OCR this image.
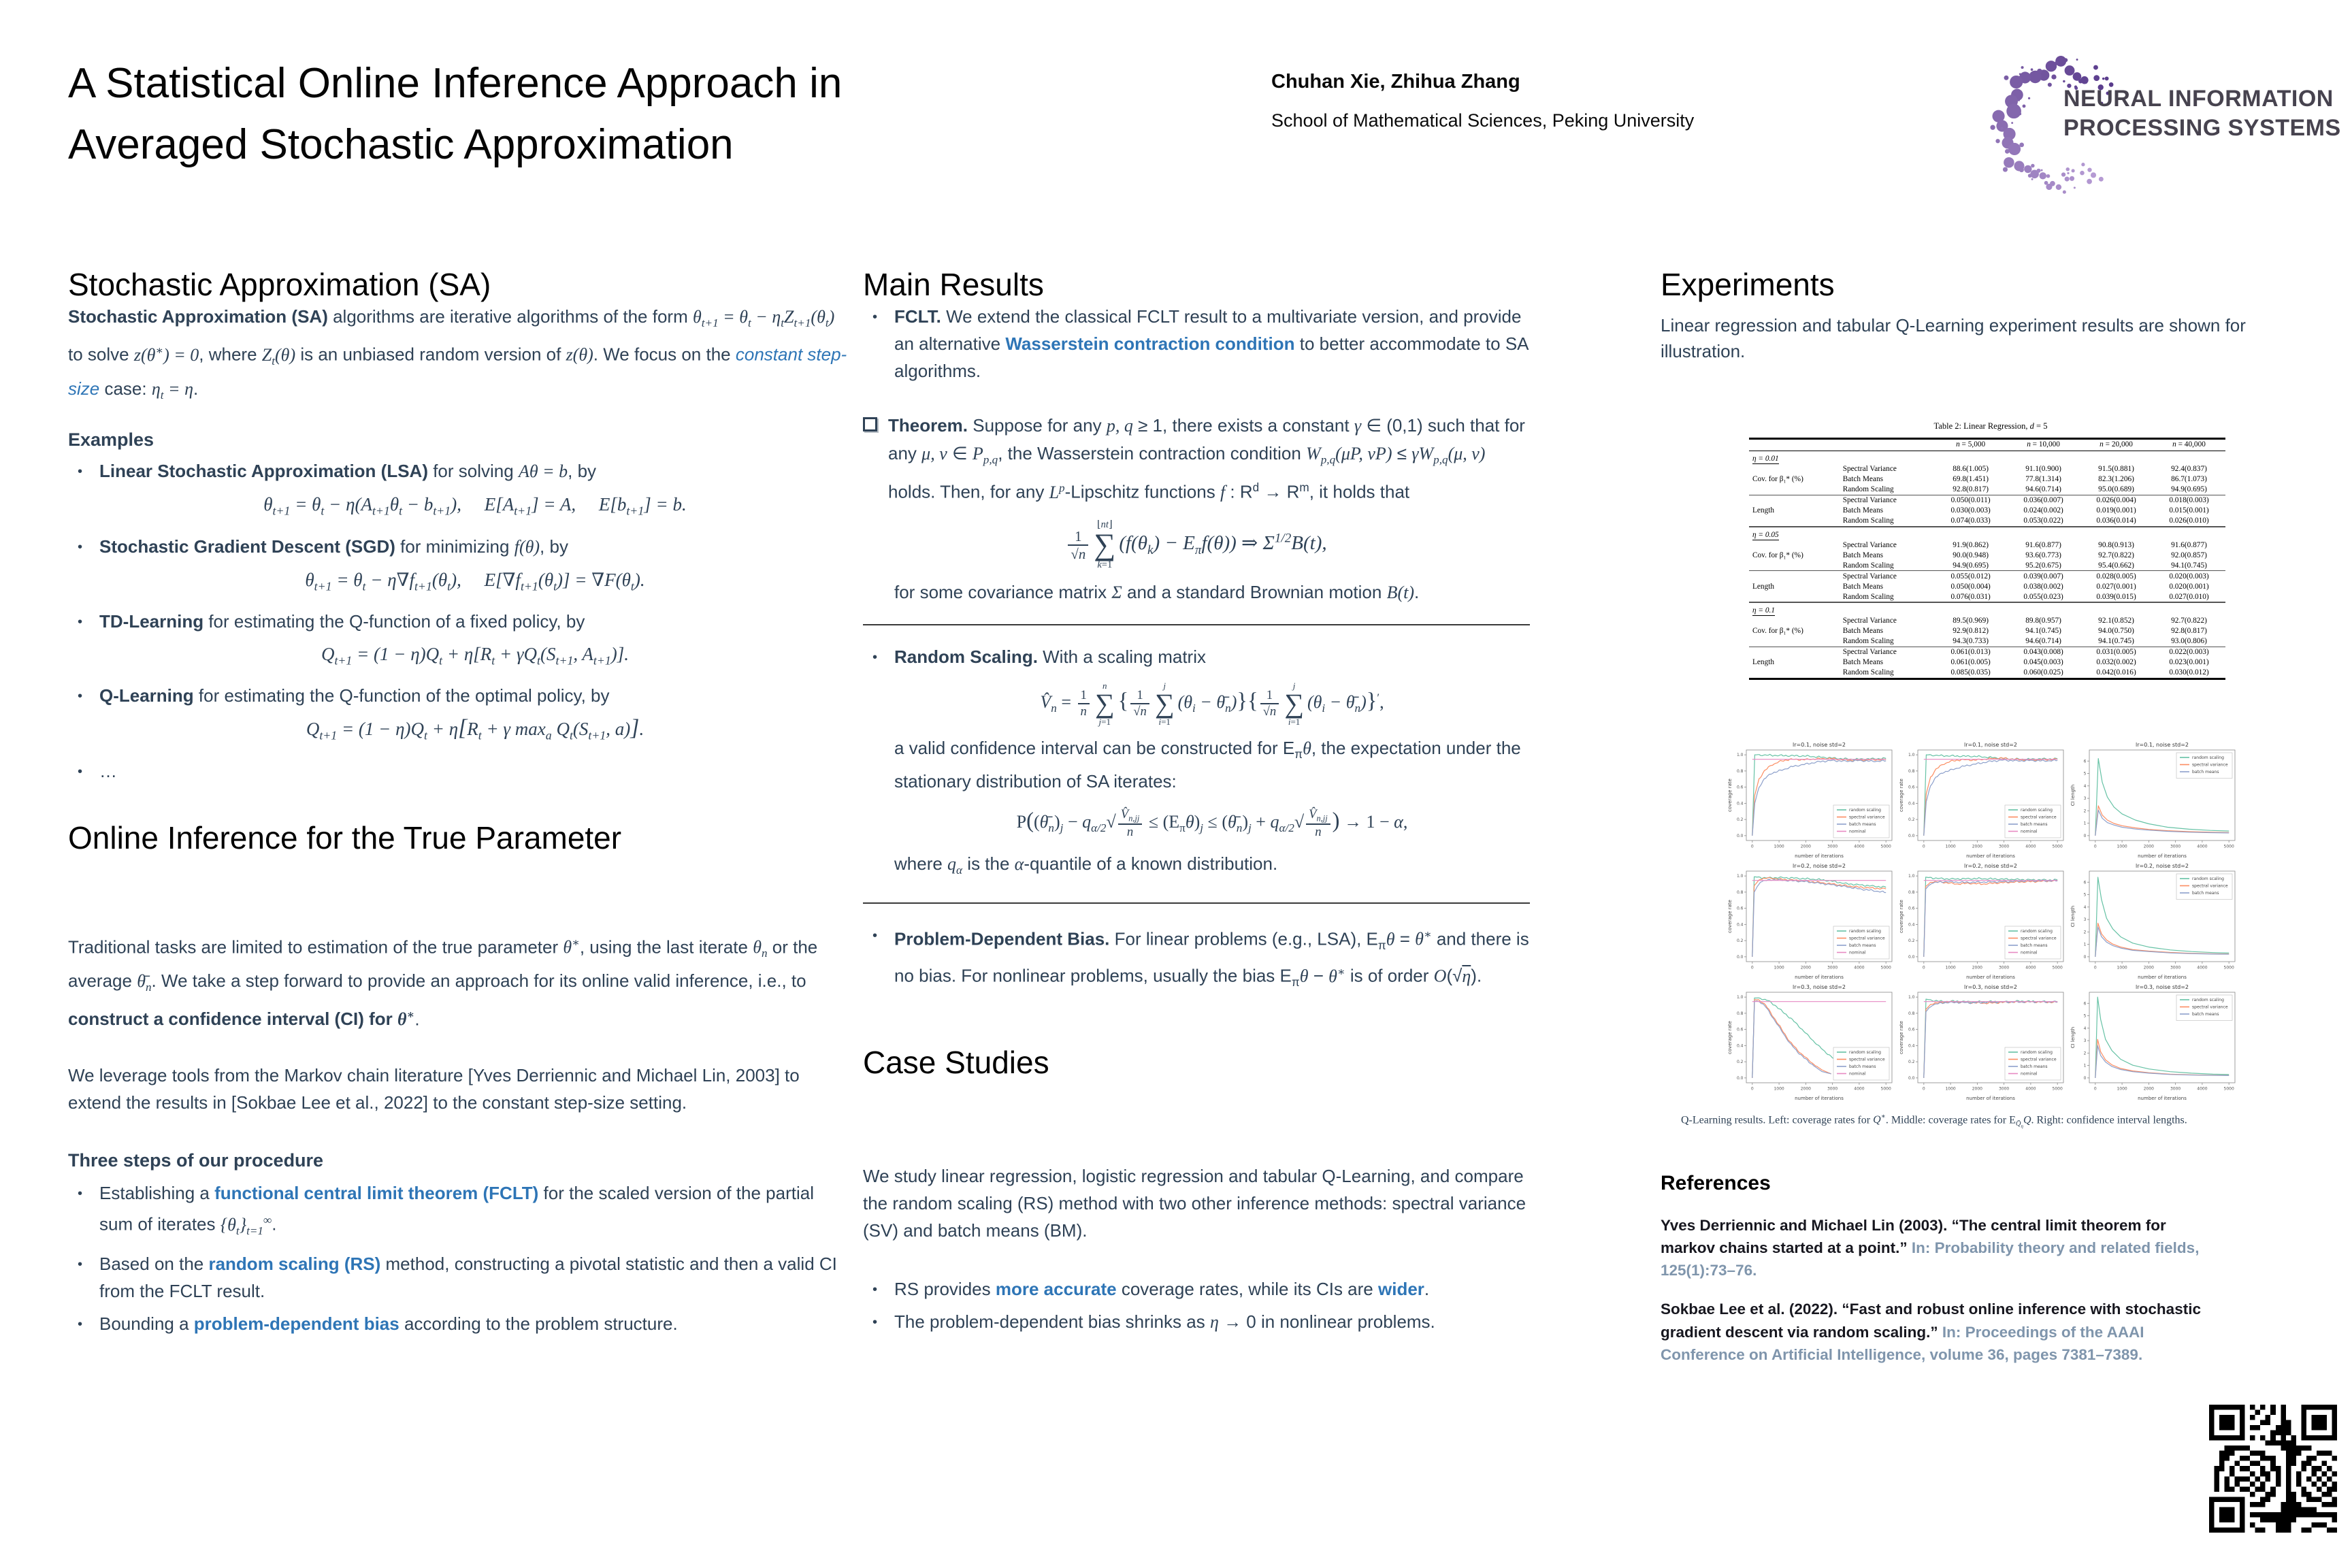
A Statistical Online Inference Approach in
Averaged Stochastic Approximation
Chuhan Xie, Zhihua Zhang
School of Mathematical Sciences, Peking University
NEURAL INFORMATION
PROCESSING SYSTEMS
Stochastic Approximation (SA)

Stochastic Approximation (SA) algorithms are iterative algorithms of the form $\theta_{t+1} = \theta_t - \eta_tZ_{t+1}(\theta_t)$ to solve z(θ∗) = 0, where $Z_t(\theta)$ is an unbiased random version of z(θ). We focus on the constant step-size case: $\eta_t = \eta$.

Examples

• Linear Stochastic Approximation (LSA) for solving Aθ = b, by
$\theta_{t+1} = \theta_t - \eta(A_{t+1}\theta_t - b_{t+1})$, $E[A_{t+1}] = A$, $E[b_{t+1}] = b$.
• Stochastic Gradient Descent (SGD) for minimizing f(θ), by
$\theta_{t+1} = \theta_t - \eta\nabla f_{t+1}(\theta_t)$, $E[\nabla f_{t+1}(\theta_t)] = \nabla F(\theta_t)$.
• TD-Learning for estimating the Q-function of a fixed policy, by
$Q_{t+1} = (1 - \eta)Q_t + \eta[R_t + \gamma Q_t(S_{t+1}$, $A_{t+1}$)].
• Q-Learning for estimating the Q-function of the optimal policy, by
$Q_{t+1} = (1 - \eta)Q_t + \eta[R_t + \gamma$ $\max_a Q_t(S_{t+1}$, a)].
• …
Online Inference for the True Parameter

Traditional tasks are limited to estimation of the true parameter θ∗, using the last iterate $\theta_n$ or the average $\thetā_n$. We take a step forward to provide an approach for its online valid inference, i.e., to construct a confidence interval (CI) for θ∗.

We leverage tools from the Markov chain literature [Yves Derriennic and Michael Lin, 2003] to extend the results in [Sokbae Lee et al., 2022] to the constant step-size setting.

Three steps of our procedure

• Establishing a functional central limit theorem (FCLT) for the scaled version of the partial sum of iterates $\{\theta_t\}_{t=1}^\infty$.
• Based on the random scaling (RS) method, constructing a pivotal statistic and then a valid CI from the FCLT result.
• Bounding a problem-dependent bias according to the problem structure.
Main Results
• FCLT. We extend the classical FCLT result to a multivariate version, and provide an alternative Wasserstein contraction condition to better accommodate to SA algorithms.
Theorem. Suppose for any p, q ≥ 1, there exists a constant γ ∈ (0,1) such that for any μ, ν ∈ $P_{p,q}$, the Wasserstein contraction condition $W_{p,q}(\mu P$, $\nu P) \le \gamma W_{p,q}(\mu$, ν) holds. Then, for any $L^p$-Lipschitz functions f : $R^d \to R^m$, it holds that
$\frac{1}{√n}$
⌊nt⌋
∑
k=1
$(f(\theta_k) - E_\pi f(\theta))$ ⇒ $\Sigma^{1/2}B(t)$,

for some covariance matrix Σ and a standard Brownian motion B(t).

• Random Scaling. With a scaling matrix
$V̂_n = \frac{1}{n}$
n
∑
j=1
{ $\frac{1}{√n}$
j
∑
i=1
($\theta_i$ − $\thetā_n)\}\{ \frac{1}{√n}$
j
∑
i=1
($\theta_i$ − $\thetā_n)\}'$,
a valid confidence interval can be constructed for $E_\pi\theta$, the expectation under the stationary distribution of SA iterates:
$P((\thetā_n)_j - q_{\alpha/2}√ \frac{V̂_{n,jj}}{n} \le (E_\pi\theta)_j$ ≤ $(\thetā_n)_j + q_{\alpha/2}√ \frac{V̂_{n,jj}}{n}$ ) → 1 − α,
where $q_\alpha$ is the α-quantile of a known distribution.
• Problem-Dependent Bias. For linear problems (e.g., LSA), $E_\pi\theta = \theta^∗$ and there is no bias. For nonlinear problems, usually the bias $E_\pi\theta - \theta^∗$ is of order O(√η).
Case Studies

We study linear regression, logistic regression and tabular Q-Learning, and compare the random scaling (RS) method with two other inference methods: spectral variance (SV) and batch means (BM).

• RS provides more accurate coverage rates, while its CIs are wider.
• The problem-dependent bias shrinks as η → 0 in nonlinear problems.
Experiments

Linear regression and tabular Q-Learning experiment results are shown for illustration.

Table 2: Linear Regression, d = 5
		n = 5,000	n = 10,000	n = 20,000	n = 40,000
η = 0.01					
Cov. for β₁* (%)	Spectral Variance	88.6(1.005)	91.1(0.900)	91.5(0.881)	92.4(0.837)
	Batch Means	69.8(1.451)	77.8(1.314)	82.3(1.206)	86.7(1.073)
	Random Scaling	92.8(0.817)	94.6(0.714)	95.0(0.689)	94.9(0.695)
Length	Spectral Variance	0.050(0.011)	0.036(0.007)	0.026(0.004)	0.018(0.003)
	Batch Means	0.030(0.003)	0.024(0.002)	0.019(0.001)	0.015(0.001)
	Random Scaling	0.074(0.033)	0.053(0.022)	0.036(0.014)	0.026(0.010)
η = 0.05					
Cov. for β₁* (%)	Spectral Variance	91.9(0.862)	91.6(0.877)	90.8(0.913)	91.6(0.877)
	Batch Means	90.0(0.948)	93.6(0.773)	92.7(0.822)	92.0(0.857)
	Random Scaling	94.9(0.695)	95.2(0.675)	95.4(0.662)	94.1(0.745)
Length	Spectral Variance	0.055(0.012)	0.039(0.007)	0.028(0.005)	0.020(0.003)
	Batch Means	0.050(0.004)	0.038(0.002)	0.027(0.001)	0.020(0.001)
	Random Scaling	0.076(0.031)	0.055(0.023)	0.039(0.015)	0.027(0.010)
η = 0.1					
Cov. for β₁* (%)	Spectral Variance	89.5(0.969)	89.8(0.957)	92.1(0.852)	92.7(0.822)
	Batch Means	92.9(0.812)	94.1(0.745)	94.0(0.750)	92.8(0.817)
	Random Scaling	94.3(0.733)	94.6(0.714)	94.1(0.745)	93.0(0.806)
Length	Spectral Variance	0.061(0.013)	0.043(0.008)	0.031(0.005)	0.022(0.003)
	Batch Means	0.061(0.005)	0.045(0.003)	0.032(0.002)	0.023(0.001)
	Random Scaling	0.085(0.035)	0.060(0.025)	0.042(0.016)	0.030(0.012)
lr=0.1, noise std=2
0	1000	2000	3000	4000	5000
0.0
0.2
0.4
0.6
0.8
1.0
number of iterations
coverage rate	random scaling
spectral variance
batch means
nominal
lr=0.1, noise std=2
0	1000	2000	3000	4000	5000
0.0
0.2
0.4
0.6
0.8
1.0
number of iterations
coverage rate	random scaling
spectral variance
batch means
nominal
lr=0.1, noise std=2
0	1000	2000	3000	4000	5000
0
1
2
3
4
5
6
number of iterations
CI length
random scaling
spectral variance
batch means
lr=0.2, noise std=2
0	1000	2000	3000	4000	5000
0.0
0.2
0.4
0.6
0.8
1.0
number of iterations
coverage rate	random scaling
spectral variance
batch means
nominal
lr=0.2, noise std=2
0	1000	2000	3000	4000	5000
0.0
0.2
0.4
0.6
0.8
1.0
number of iterations
coverage rate	random scaling
spectral variance
batch means
nominal
lr=0.2, noise std=2
0	1000	2000	3000	4000	5000
0
1
2
3
4
5
6
number of iterations
CI length
random scaling
spectral variance
batch means
lr=0.3, noise std=2
0	1000	2000	3000	4000	5000
0.0
0.2
0.4
0.6
0.8
1.0
number of iterations
coverage rate	random scaling
spectral variance
batch means
nominal
lr=0.3, noise std=2
0	1000	2000	3000	4000	5000
0.0
0.2
0.4
0.6
0.8
1.0
number of iterations
coverage rate	random scaling
spectral variance
batch means
nominal
lr=0.3, noise std=2
0	1000	2000	3000	4000	5000
0
1
2
3
4
5
6
number of iterations
CI length
random scaling
spectral variance
batch means
Q-Learning results. Left: coverage rates for Q∗. Middle: coverage rates for $E_{Q̄_\eta}Q$. Right: confidence interval lengths.
References
Yves Derriennic and Michael Lin (2003). “The central limit theorem for markov chains started at a point.” In: Probability theory and related fields, 125(1):73–76.
Sokbae Lee et al. (2022). “Fast and robust online inference with stochastic gradient descent via random scaling.” In: Proceedings of the AAAI Conference on Artificial Intelligence, volume 36, pages 7381–7389.
